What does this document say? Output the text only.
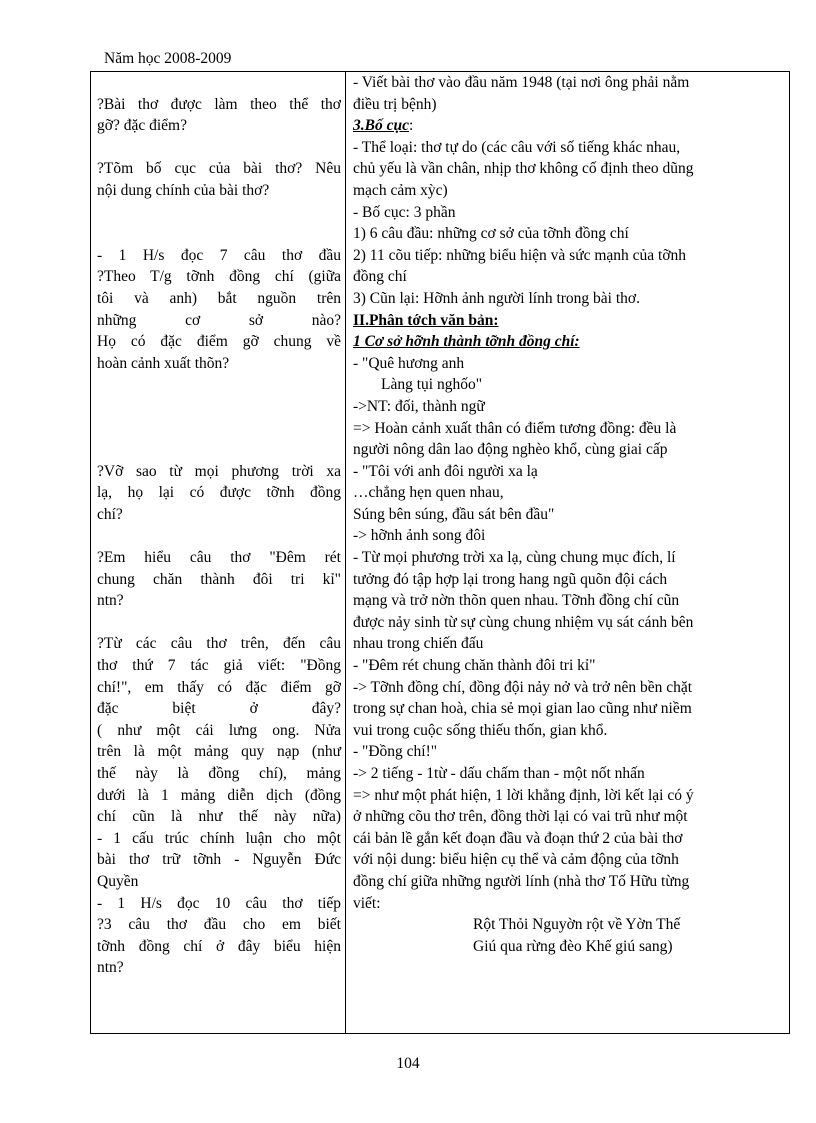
Năm học 2008-2009
?Bài thơ được làm theo thể thơ
gỡ? đặc điểm?
?Tõm bố cục của bài thơ? Nêu
nội dung chính của bài thơ?
- 1 H/s đọc 7 câu thơ đầu
?Theo T/g tỡnh đồng chí (giữa
tôi và anh) bắt nguồn trên
những cơ sở nào?
Họ có đặc điểm gỡ chung về
hoàn cảnh xuất thõn?
?Vỡ sao từ mọi phương trời xa
lạ, họ lại có được tỡnh đồng
chí?
?Em hiểu câu thơ "Đêm rét
chung chăn thành đôi tri kỉ"
ntn?
?Từ các câu thơ trên, đến câu
thơ thứ 7 tác giả viết: "Đồng
chí!", em thấy có đặc điểm gỡ
đặc biệt ở đây?
( như một cái lưng ong. Nửa
trên là một mảng quy nạp (như
thế này là đồng chí), mảng
dưới là 1 mảng diễn dịch (đồng
chí cũn là như thế này nữa)
- 1 cấu trúc chính luận cho một
bài thơ trữ tỡnh - Nguyễn Đức
Quyền
- 1 H/s đọc 10 câu thơ tiếp
?3 câu thơ đầu cho em biết
tỡnh đồng chí ở đây biểu hiện
ntn?
- Viết bài thơ vào đầu năm 1948 (tại nơi ông phải nằm
điều trị bệnh)
3.Bố cục:
- Thể loại: thơ tự do (các câu với số tiếng khác nhau,
chủ yếu là vần chân, nhịp thơ không cố định theo dũng
mạch cảm xỳc)
- Bố cục: 3 phần
1) 6 câu đầu: những cơ sở của tỡnh đồng chí
2) 11 cõu tiếp: những biểu hiện và sức mạnh của tỡnh
đồng chí
3) Cũn lại: Hỡnh ảnh người lính trong bài thơ.
II.Phân tớch văn bản:
1 Cơ sở hỡnh thành tỡnh đồng chí:
- "Quê hương anh
Làng tụi nghốo"
->NT: đối, thành ngữ
=> Hoàn cảnh xuất thân có điểm tương đồng: đều là
người nông dân lao động nghèo khổ, cùng giai cấp
- "Tôi với anh đôi người xa lạ
…chẳng hẹn quen nhau,
Súng bên súng, đầu sát bên đầu"
-> hỡnh ảnh song đôi
- Từ mọi phương trời xa lạ, cùng chung mục đích, lí
tưởng đó tập hợp lại trong hang ngũ quõn đội cách
mạng và trở nờn thõn quen nhau. Tỡnh đồng chí cũn
được nảy sinh từ sự cùng chung nhiệm vụ sát cánh bên
nhau trong chiến đấu
- "Đêm rét chung chăn thành đôi tri kỉ"
-> Tỡnh đồng chí, đồng đội nảy nở và trở nên bền chặt
trong sự chan hoà, chia sẻ mọi gian lao cũng như niềm
vui trong cuộc sống thiếu thốn, gian khổ.
- "Đồng chí!"
-> 2 tiếng - 1từ - dấu chấm than - một nốt nhấn
=> như một phát hiện, 1 lời khẳng định, lời kết lại có ý
ở những cõu thơ trên, đồng thời lại có vai trũ như một
cái bản lề gắn kết đoạn đầu và đoạn thứ 2 của bài thơ
với nội dung: biểu hiện cụ thể và cảm động của tỡnh
đồng chí giữa những người lính (nhà thơ Tố Hữu từng
viết:
Rột Thỏi Nguyờn rột về Yờn Thế
Giú qua rừng đèo Khế giú sang)
104
